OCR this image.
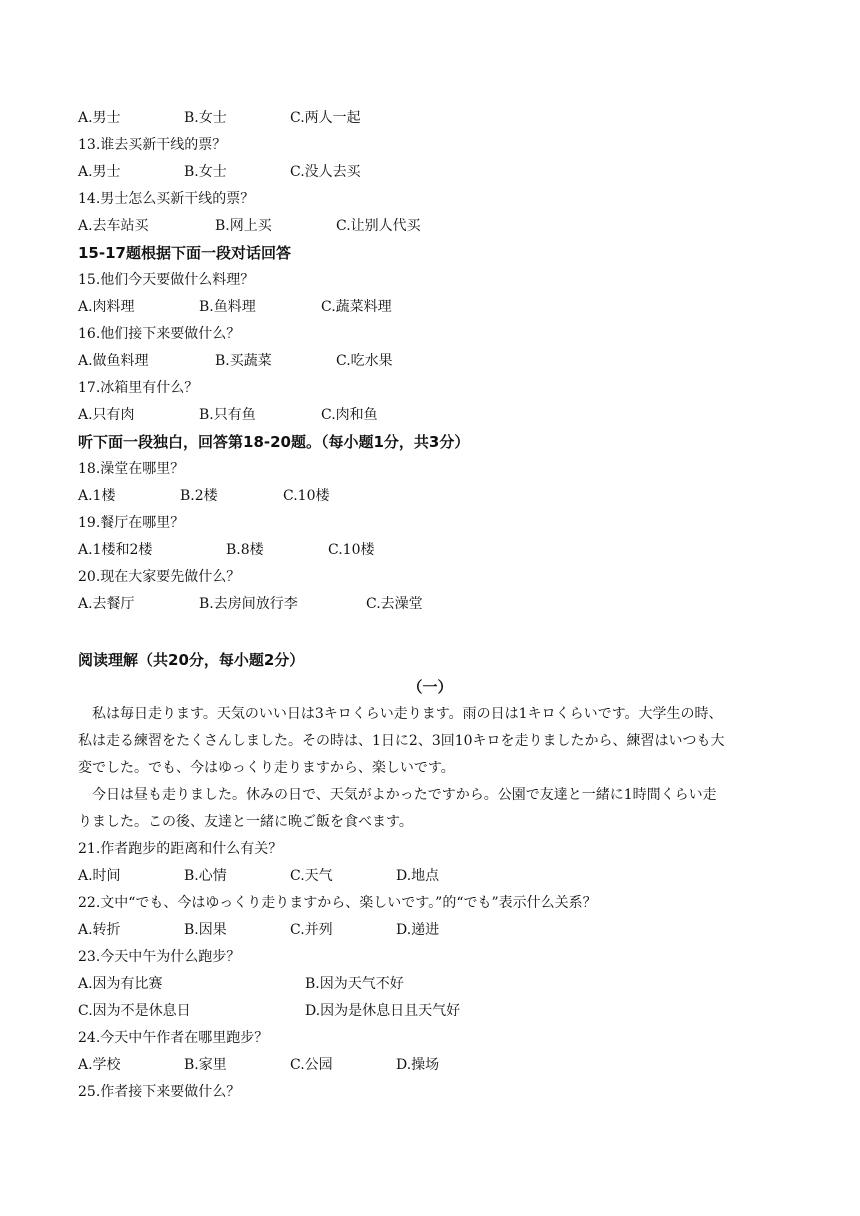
A.男士	B.女士	C.两人一起
13.谁去买新干线的票？
A.男士	B.女士	C.没人去买
14.男士怎么买新干线的票？
A.去车站买	B.网上买	C.让别人代买
15-17题根据下面一段对话回答
15.他们今天要做什么料理？
A.肉料理	B.鱼料理	C.蔬菜料理
16.他们接下来要做什么？
A.做鱼料理	B.买蔬菜	C.吃水果
17.冰箱里有什么？
A.只有肉	B.只有鱼	C.肉和鱼
听下面一段独白，回答第18-20题。（每小题1分，共3分）
18.澡堂在哪里？
A.1楼	B.2楼	C.10楼
19.餐厅在哪里？
A.1楼和2楼	B.8楼	C.10楼
20.现在大家要先做什么？
A.去餐厅	B.去房间放行李	C.去澡堂
阅读理解（共20分，每小题2分）
（一）
私は毎日走ります。天気のいい日は3キロくらい走ります。雨の日は1キロくらいです。大学生の時、
私は走る練習をたくさんしました。その時は、1日に2、3回10キロを走りましたから、練習はいつも大
変でした。でも、今はゆっくり走りますから、楽しいです。
今日は昼も走りました。休みの日で、天気がよかったですから。公園で友達と一緒に1時間くらい走
りました。この後、友達と一緒に晩ご飯を食べます。
21.作者跑步的距离和什么有关？
A.时间	B.心情	C.天气	D.地点
22.文中“でも、今はゆっくり走りますから、楽しいです。”的“でも”表示什么关系？
A.转折	B.因果	C.并列	D.递进
23.今天中午为什么跑步？
A.因为有比赛	B.因为天气不好
C.因为不是休息日	D.因为是休息日且天气好
24.今天中午作者在哪里跑步？
A.学校	B.家里	C.公园	D.操场
25.作者接下来要做什么？
